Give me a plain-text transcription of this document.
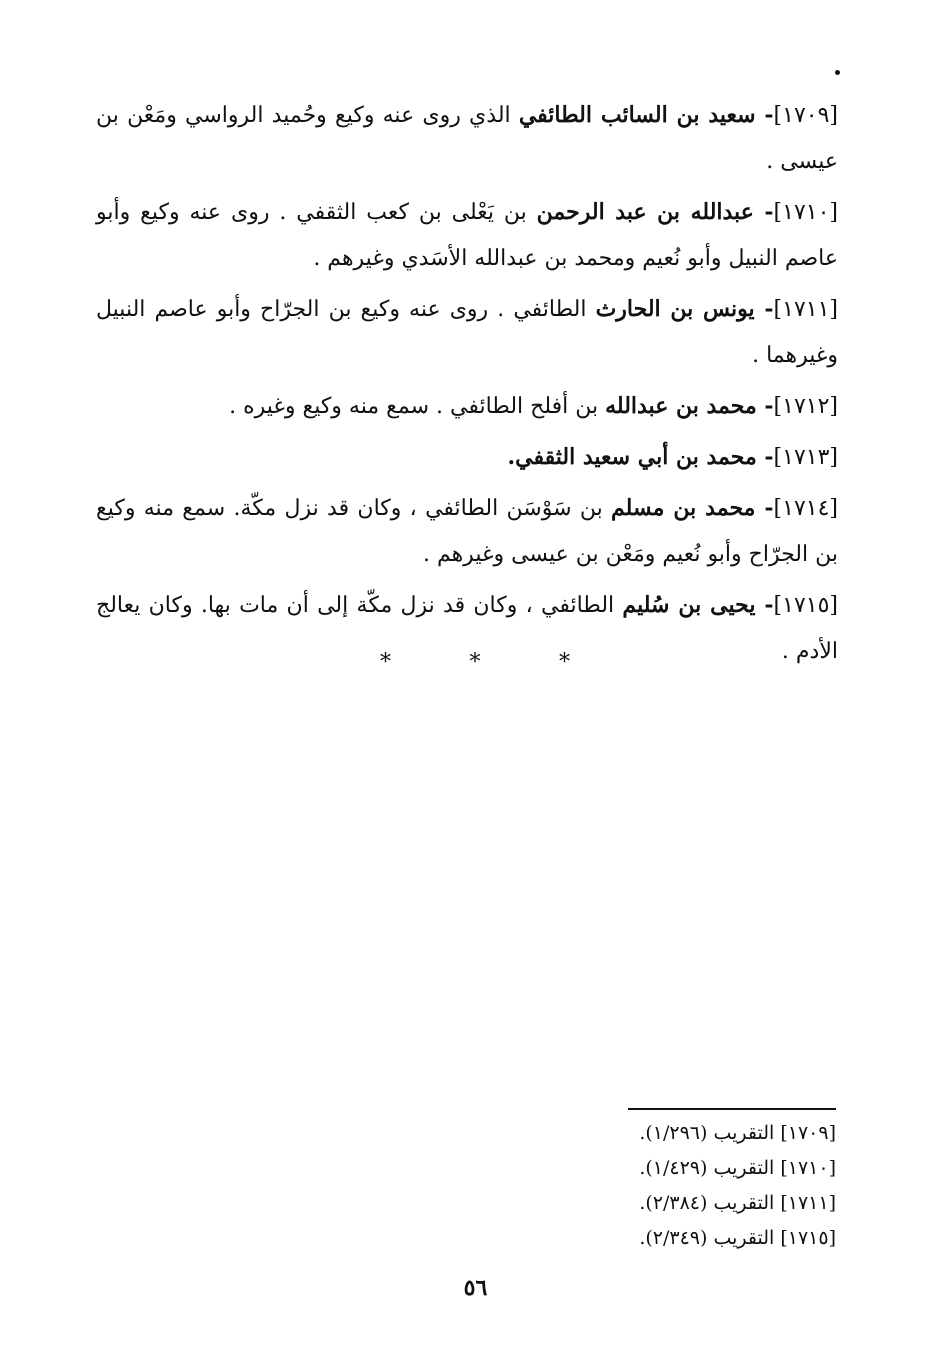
[١٧٠٩]- سعيد بن السائب الطائفي الذي روى عنه وكيع وحُميد الرواسي ومَعْن بن عيسى .

[١٧١٠]- عبدالله بن عبد الرحمن بن يَعْلى بن كعب الثقفي . روى عنه وكيع وأبو عاصم النبيل وأبو نُعيم ومحمد بن عبدالله الأسَدي وغيرهم .

[١٧١١]- يونس بن الحارث الطائفي . روى عنه وكيع بن الجرّاح وأبو عاصم النبيل وغيرهما .

[١٧١٢]- محمد بن عبدالله بن أفلح الطائفي . سمع منه وكيع وغيره .

[١٧١٣]- محمد بن أبي سعيد الثقفي.

[١٧١٤]- محمد بن مسلم بن سَوْسَن الطائفي ، وكان قد نزل مكّة. سمع منه وكيع بن الجرّاح وأبو نُعيم ومَعْن بن عيسى وغيرهم .

[١٧١٥]- يحيى بن سُليم الطائفي ، وكان قد نزل مكّة إلى أن مات بها. وكان يعالج الأدم .

*	*	*
[١٧٠٩] التقريب (١/٢٩٦).
[١٧١٠] التقريب (١/٤٢٩).
[١٧١١] التقريب (٢/٣٨٤).
[١٧١٥] التقريب (٢/٣٤٩).
٥٦
